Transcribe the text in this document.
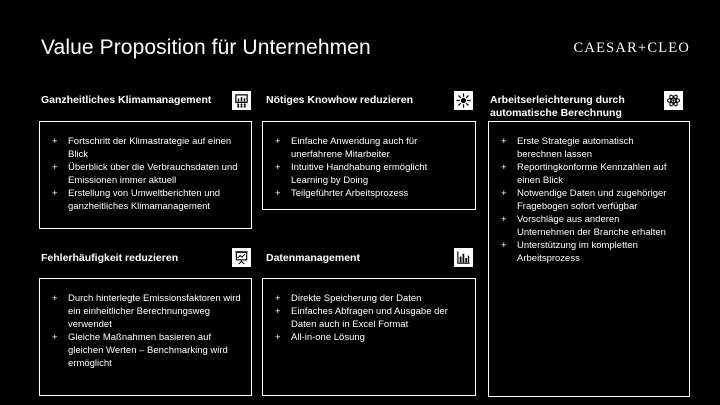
Value Proposition für Unternehmen	CAESAR+CLEO
Ganzheitliches Klimamanagement
+ Fortschritt der Klimastrategie auf einen Blick
+ Überblick über die Verbrauchsdaten und Emissionen immer aktuell
+ Erstellung von Umweltberichten und ganzheitliches Klimamanagement
Nötiges Knowhow reduzieren
+ Einfache Anwendung auch für unerfahrene Mitarbeiter
+ Intuitive Handhabung ermöglicht Learning by Doing
+ Teilgeführter Arbeitsprozess
Arbeitserleichterung durch automatische Berechnung
+ Erste Strategie automatisch berechnen lassen
+ Reportingkonforme Kennzahlen auf einen Blick
+ Notwendige Daten und zugehöriger Fragebogen sofort verfügbar
+ Vorschläge aus anderen Unternehmen der Branche erhalten
+ Unterstützung im kompletten Arbeitsprozess
Fehlerhäufigkeit reduzieren
+ Durch hinterlegte Emissionsfaktoren wird ein einheitlicher Berechnungsweg verwendet
+ Gleiche Maßnahmen basieren auf gleichen Werten – Benchmarking wird ermöglicht
Datenmanagement
+ Direkte Speicherung der Daten
+ Einfaches Abfragen und Ausgabe der Daten auch in Excel Format
+ All-in-one Lösung
